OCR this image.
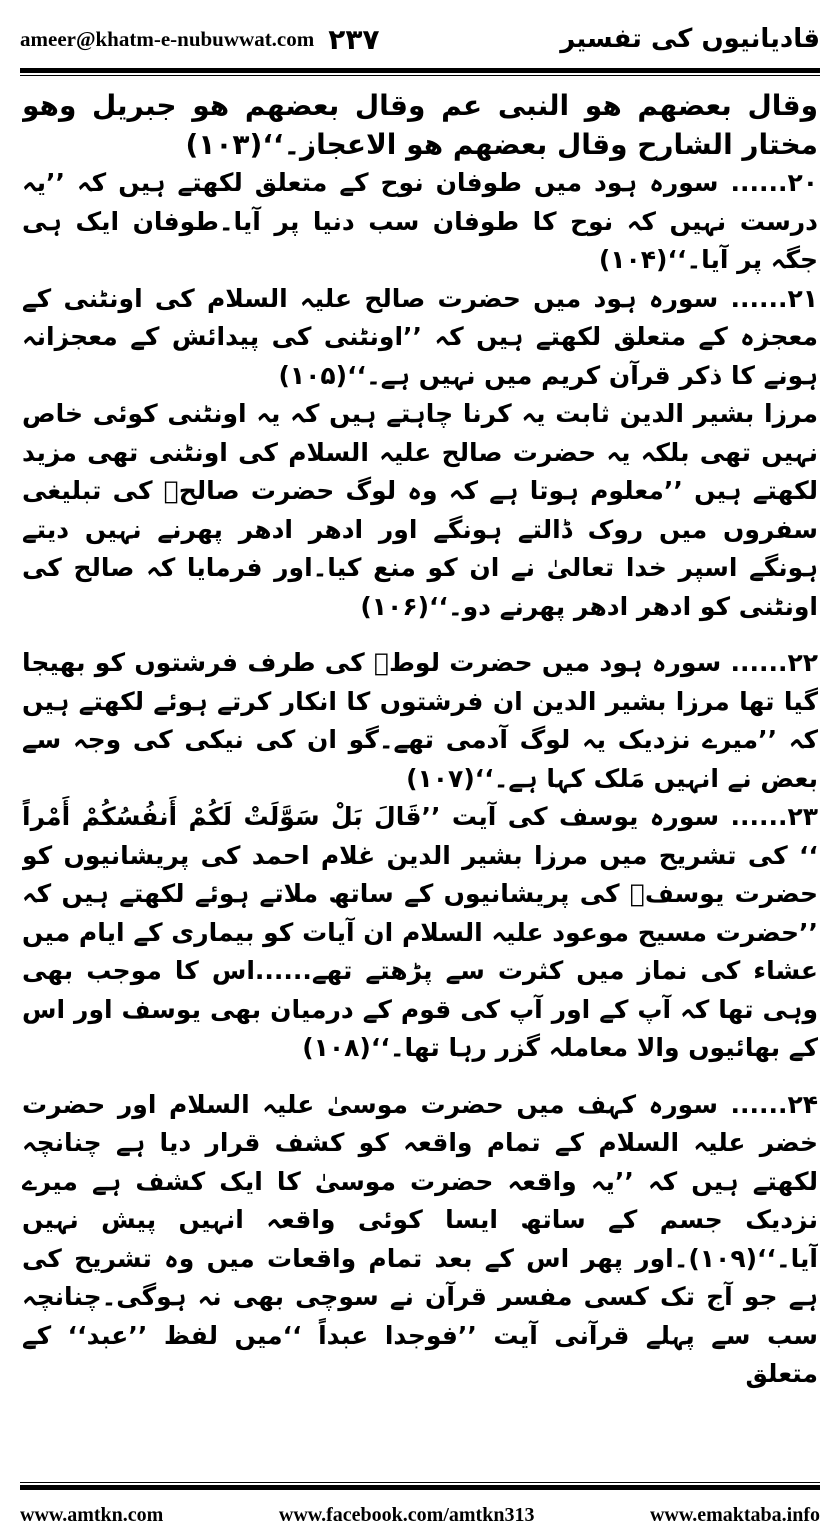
ameer@khatm-e-nubuwwat.com ۲۳۷	قادیانیوں کی تفسیر

وقال بعضھم ھو النبی عم وقال بعضھم ھو جبریل وھو مختار الشارح وقال بعضھم ھو الاعجاز۔‘‘(۱۰۳)

۲۰...... سورہ ہود میں طوفان نوح کے متعلق لکھتے ہیں کہ ’’یہ درست نہیں کہ نوح کا طوفان سب دنیا پر آیا۔طوفان ایک ہی جگہ پر آیا۔‘‘(۱۰۴)

۲۱...... سورہ ہود میں حضرت صالح علیہ السلام کی اونٹنی کے معجزہ کے متعلق لکھتے ہیں کہ ’’اونٹنی کی پیدائش کے معجزانہ ہونے کا ذکر قرآن کریم میں نہیں ہے۔‘‘(۱۰۵)

مرزا بشیر الدین ثابت یہ کرنا چاہتے ہیں کہ یہ اونٹنی کوئی خاص نہیں تھی بلکہ یہ حضرت صالح علیہ السلام کی اونٹنی تھی مزید لکھتے ہیں ’’معلوم ہوتا ہے کہ وہ لوگ حضرت صالحؑ کی تبلیغی سفروں میں روک ڈالتے ہونگے اور ادھر ادھر پھرنے نہیں دیتے ہونگے اسپر خدا تعالیٰ نے ان کو منع کیا۔اور فرمایا کہ صالح کی اونٹنی کو ادھر ادھر پھرنے دو۔‘‘(۱۰۶)

۲۲...... سورہ ہود میں حضرت لوطؑ کی طرف فرشتوں کو بھیجا گیا تھا مرزا بشیر الدین ان فرشتوں کا انکار کرتے ہوئے لکھتے ہیں کہ ’’میرے نزدیک یہ لوگ آدمی تھے۔گو ان کی نیکی کی وجہ سے بعض نے انہیں مَلک کہا ہے۔‘‘(۱۰۷)

۲۳...... سورہ یوسف کی آیت ’’قَالَ بَلْ سَوَّلَتْ لَکُمْ أَنفُسُکُمْ أَمْراً ‘‘ کی تشریح میں مرزا بشیر الدین غلام احمد کی پریشانیوں کو حضرت یوسفؑ کی پریشانیوں کے ساتھ ملاتے ہوئے لکھتے ہیں کہ ’’حضرت مسیح موعود علیہ السلام ان آیات کو بیماری کے ایام میں عشاء کی نماز میں کثرت سے پڑھتے تھے......اس کا موجب بھی وہی تھا کہ آپ کے اور آپ کی قوم کے درمیان بھی یوسف اور اس کے بھائیوں والا معاملہ گزر رہا تھا۔‘‘(۱۰۸)

۲۴...... سورہ کہف میں حضرت موسیٰ علیہ السلام اور حضرت خضر علیہ السلام کے تمام واقعہ کو کشف قرار دیا ہے چنانچہ لکھتے ہیں کہ ’’یہ واقعہ حضرت موسیٰ کا ایک کشف ہے میرے نزدیک جسم کے ساتھ ایسا کوئی واقعہ انہیں پیش نہیں آیا۔‘‘(۱۰۹)۔اور پھر اس کے بعد تمام واقعات میں وہ تشریح کی ہے جو آج تک کسی مفسر قرآن نے سوچی بھی نہ ہوگی۔چنانچہ سب سے پہلے قرآنی آیت ’’فوجدا عبداً ‘‘میں لفظ ’’عبد‘‘ کے متعلق

www.amtkn.com	www.facebook.com/amtkn313	www.emaktaba.info
